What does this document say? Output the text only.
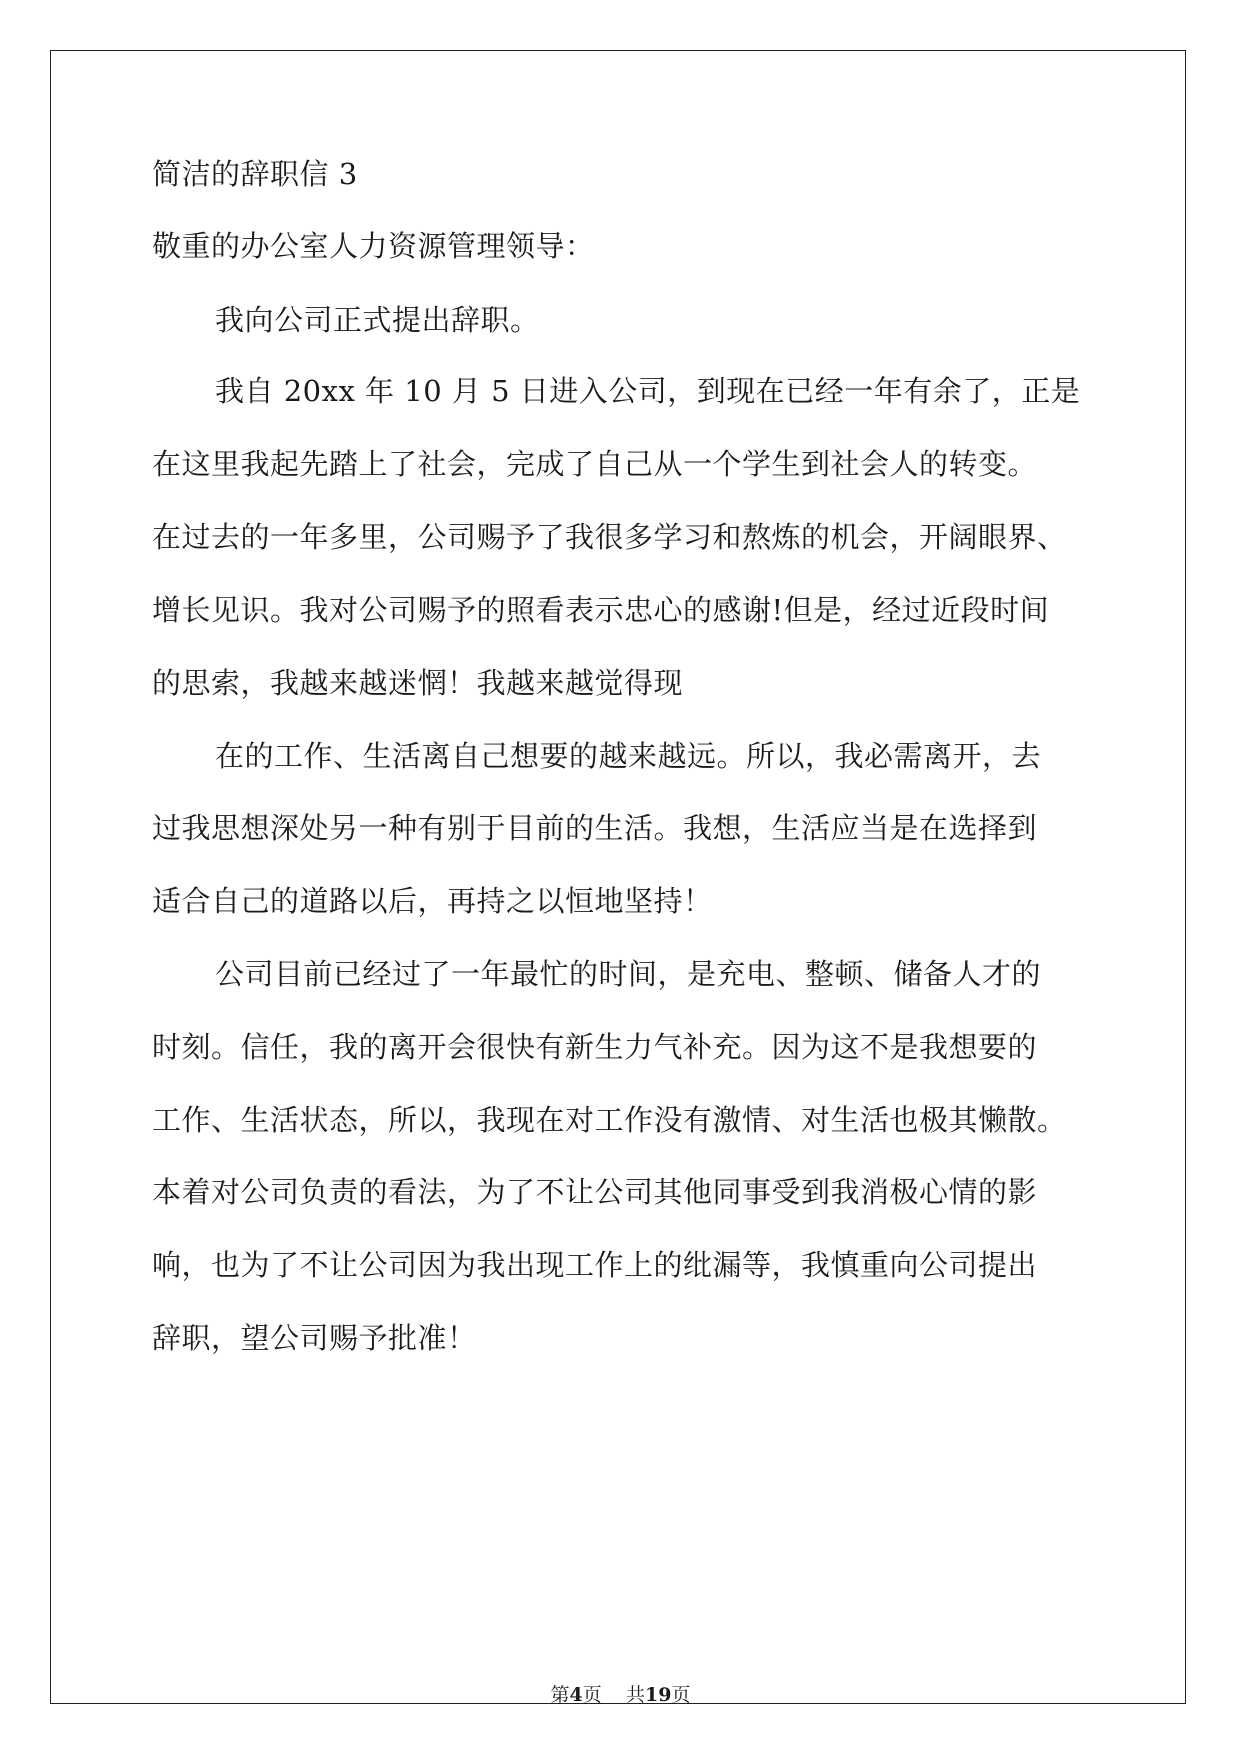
简洁的辞职信 3
敬重的办公室人力资源管理领导：
我向公司正式提出辞职。
我自 20xx 年 10 月 5 日进入公司，到现在已经一年有余了，正是
在这里我起先踏上了社会，完成了自己从一个学生到社会人的转变。
在过去的一年多里，公司赐予了我很多学习和熬炼的机会，开阔眼界、
增长见识。我对公司赐予的照看表示忠心的感谢!但是，经过近段时间
的思索，我越来越迷惘！我越来越觉得现
在的工作、生活离自己想要的越来越远。所以，我必需离开，去
过我思想深处另一种有别于目前的生活。我想，生活应当是在选择到
适合自己的道路以后，再持之以恒地坚持！
公司目前已经过了一年最忙的时间，是充电、整顿、储备人才的
时刻。信任，我的离开会很快有新生力气补充。因为这不是我想要的
工作、生活状态，所以，我现在对工作没有激情、对生活也极其懒散。
本着对公司负责的看法，为了不让公司其他同事受到我消极心情的影
响，也为了不让公司因为我出现工作上的纰漏等，我慎重向公司提出
辞职，望公司赐予批准！
第4页 共19页
